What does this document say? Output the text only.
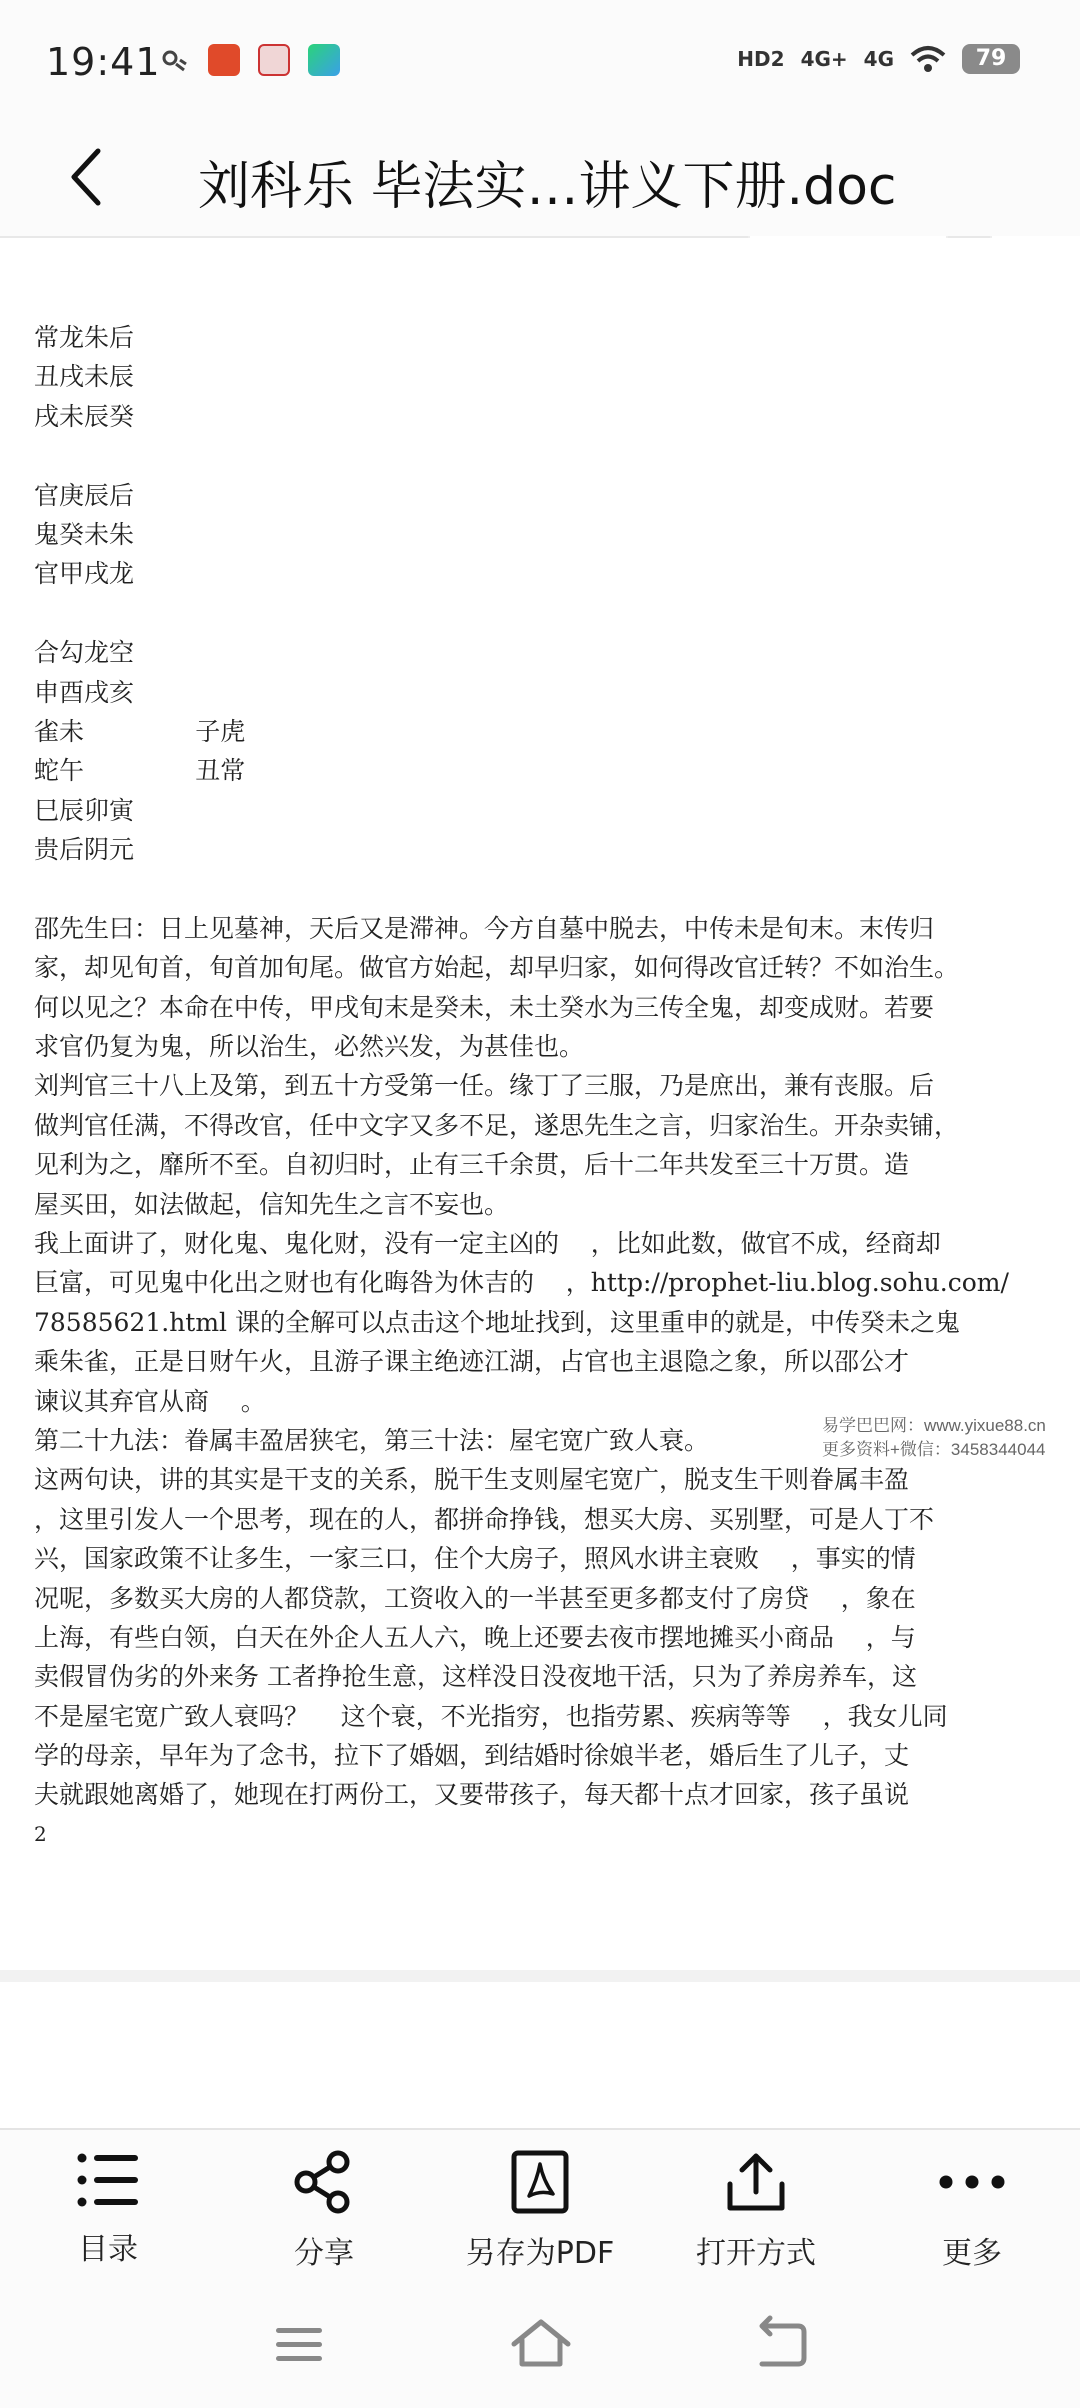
19:41	HD2 4G+ 4G	79
刘科乐 毕法实…讲义下册.doc
常龙朱后
丑戌未辰
戌未辰癸
官庚辰后
鬼癸未朱
官甲戌龙
合勾龙空
申酉戌亥
雀未              子虎
蛇午              丑常
巳辰卯寅
贵后阴元
邵先生曰：日上见墓神，天后又是滞神。今方自墓中脱去，中传未是旬末。末传归
家，却见旬首，旬首加旬尾。做官方始起，却早归家，如何得改官迁转？不如治生。
何以见之？本命在中传，甲戌旬末是癸未，未土癸水为三传全鬼，却变成财。若要
求官仍复为鬼，所以治生，必然兴发，为甚佳也。
刘判官三十八上及第，到五十方受第一任。缘丁了三服，乃是庶出，兼有丧服。后
做判官任满，不得改官，任中文字又多不足，遂思先生之言，归家治生。开杂卖铺，
见利为之，靡所不至。自初归时，止有三千余贯，后十二年共发至三十万贯。造
屋买田，如法做起，信知先生之言不妄也。
我上面讲了，财化鬼、鬼化财，没有一定主凶的    ，比如此数，做官不成，经商却
巨富，可见鬼中化出之财也有化晦咎为休吉的    ，http://prophet-liu.blog.sohu.com/
78585621.html 课的全解可以点击这个地址找到，这里重申的就是，中传癸未之鬼
乘朱雀，正是日财午火，且游子课主绝迹江湖，占官也主退隐之象，所以邵公才
谏议其弃官从商    。
第二十九法：眷属丰盈居狭宅，第三十法：屋宅宽广致人衰。
这两句诀，讲的其实是干支的关系，脱干生支则屋宅宽广，脱支生干则眷属丰盈
，这里引发人一个思考，现在的人，都拼命挣钱，想买大房、买别墅，可是人丁不
兴，国家政策不让多生，一家三口，住个大房子，照风水讲主衰败    ，事实的情
况呢，多数买大房的人都贷款，工资收入的一半甚至更多都支付了房贷    ，象在
上海，有些白领，白天在外企人五人六，晚上还要去夜市摆地摊买小商品    ，与
卖假冒伪劣的外来务 工者挣抢生意，这样没日没夜地干活，只为了养房养车，这
不是屋宅宽广致人衰吗？    这个衰，不光指穷，也指劳累、疾病等等    ，我女儿同
学的母亲，早年为了念书，拉下了婚姻，到结婚时徐娘半老，婚后生了儿子，丈
夫就跟她离婚了，她现在打两份工，又要带孩子，每天都十点才回家，孩子虽说
2
易学巴巴网：www.yixue88.cn
更多资料+微信：3458344044
目录	分享	另存为PDF	打开方式	更多
